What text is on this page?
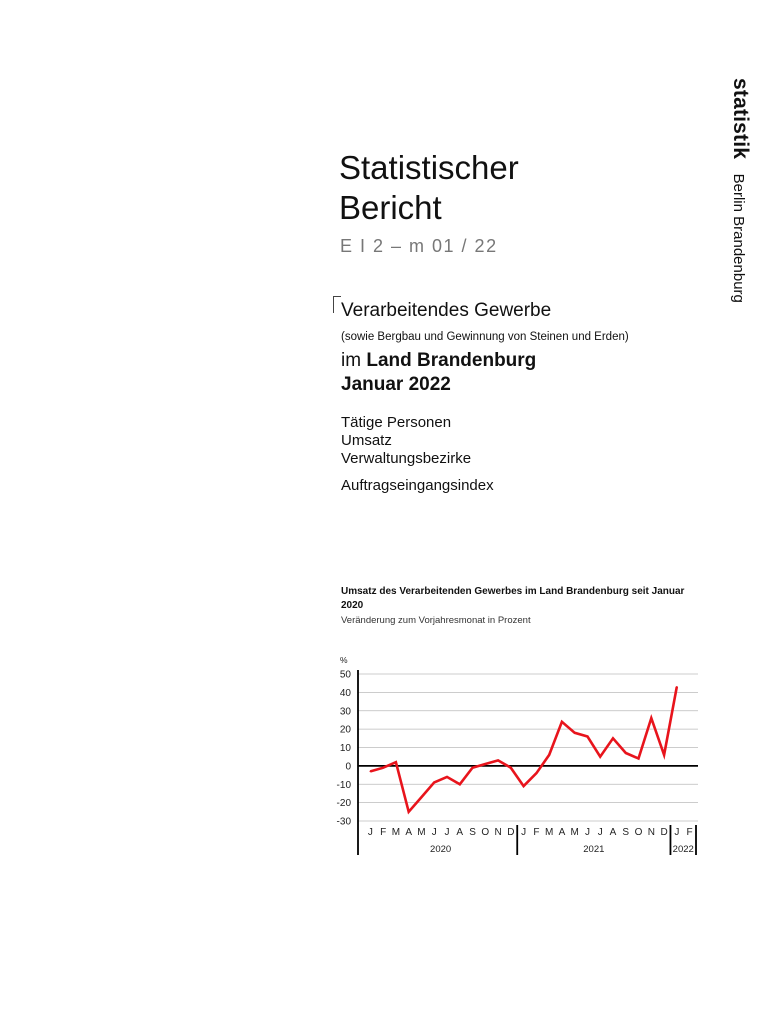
statistik Berlin Brandenburg
Statistischer
Bericht
E I 2 – m 01 / 22
Verarbeitendes Gewerbe
(sowie Bergbau und Gewinnung von Steinen und Erden)
im Land Brandenburg
Januar 2022
Tätige Personen
Umsatz
Verwaltungsbezirke
Auftragseingangsindex
Umsatz des Verarbeitenden Gewerbes im Land Brandenburg seit Januar 2020
Veränderung zum Vorjahresmonat in Prozent
%
50
40
30
20
10
0
-10
-20
-30
J F M A M J J A S O N D J F M A M J J A S O N D J F
2020	2021	2022
